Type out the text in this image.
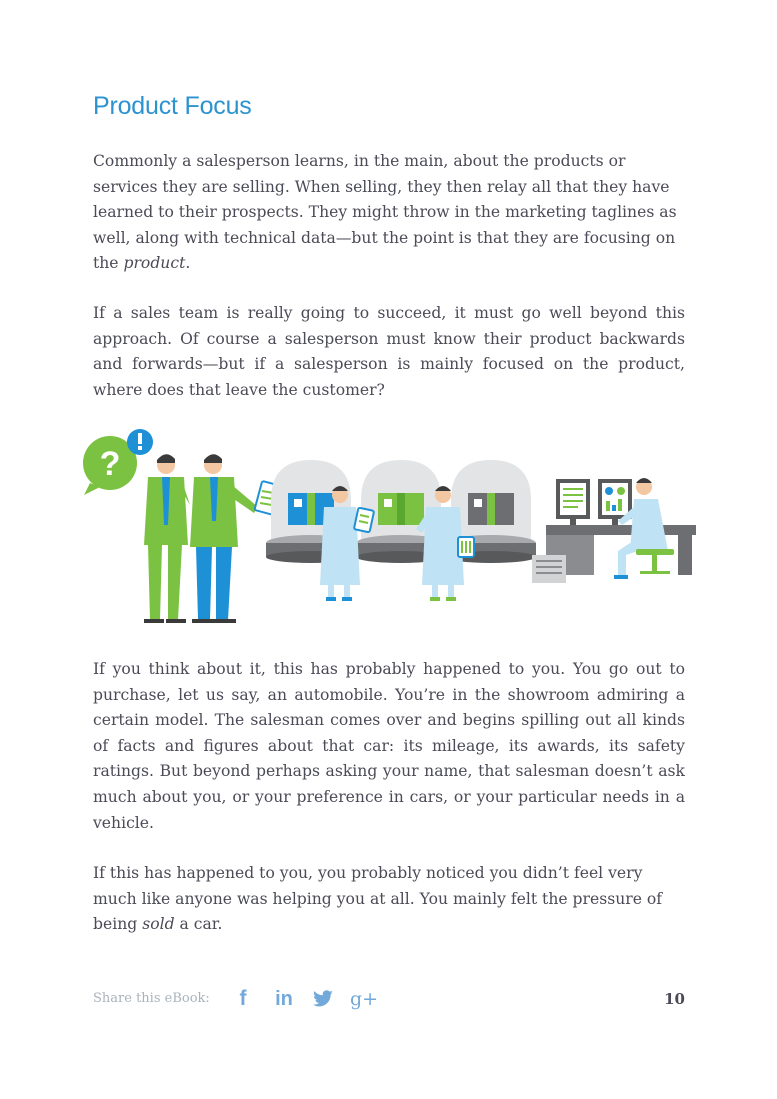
Product Focus

Commonly a salesperson learns, in the main, about the products or services they are selling. When selling, they then relay all that they have learned to their prospects. They might throw in the marketing taglines as well, along with technical data—but the point is that they are focusing on the product.

If a sales team is really going to succeed, it must go well beyond this approach. Of course a salesperson must know their product backwards and forwards—but if a salesperson is mainly focused on the product, where does that leave the customer?

?

If you think about it, this has probably happened to you. You go out to purchase, let us say, an automobile. You’re in the showroom admiring a certain model. The salesman comes over and begins spilling out all kinds of facts and figures about that car: its mileage, its awards, its safety ratings. But beyond perhaps asking your name, that salesman doesn’t ask much about you, or your preference in cars, or your particular needs in a vehicle.

If this has happened to you, you probably noticed you didn’t feel very much like anyone was helping you at all. You mainly felt the pressure of being sold a car.

Share this eBook: f in	g+	10
